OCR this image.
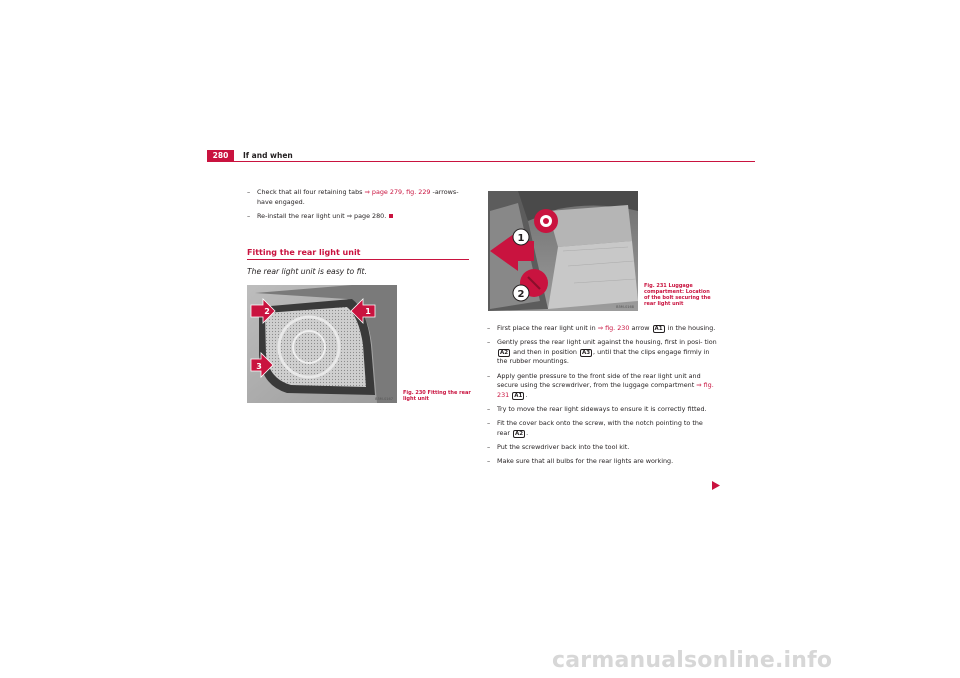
280	If and when
– Check that all four retaining tabs ⇒ page 279, fig. 229 -arrows- have engaged.
– Re-install the rear light unit ⇒ page 280.
Fitting the rear light unit
The rear light unit is easy to fit.
2	1
3
B5M-0167
Fig. 230 Fitting the rear light unit
1
2
B5M-0168
Fig. 231 Luggage compartment: Location of the bolt securing the rear light unit
– First place the rear light unit in ⇒ fig. 230 arrow A1 in the housing.
– Gently press the rear light unit against the housing, first in posi- tion A2 and then in position A3 , until that the clips engage firmly in the rubber mountings.
– Apply gentle pressure to the front side of the rear light unit and secure using the screwdriver, from the luggage compartment ⇒ fig. 231 A1 .
– Try to move the rear light sideways to ensure it is correctly fitted.
– Fit the cover back onto the screw, with the notch pointing to the rear A2 .
– Put the screwdriver back into the tool kit.
– Make sure that all bulbs for the rear lights are working.
carmanualsonline.info
